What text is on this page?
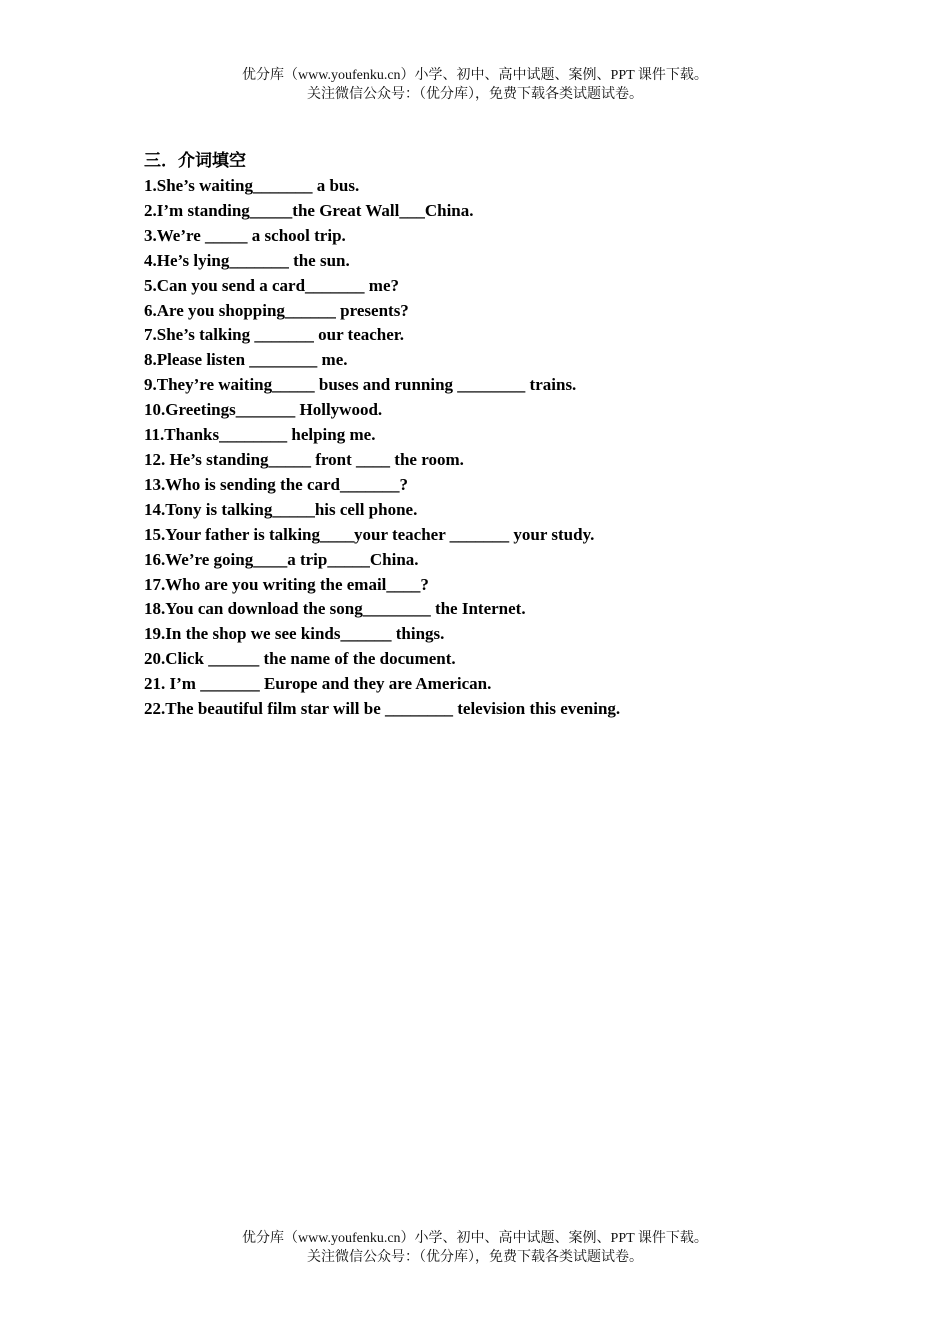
优分库（www.youfenku.cn）小学、初中、高中试题、案例、PPT 课件下载。
关注微信公众号：（优分库），免费下载各类试题试卷。
三．介词填空
1.She’s waiting_______ a bus.
2.I’m standing_____the Great Wall___China.
3.We’re _____ a school trip.
4.He’s lying_______ the sun.
5.Can you send a card_______ me?
6.Are you shopping______ presents?
7.She’s talking _______ our teacher.
8.Please listen ________ me.
9.They’re waiting_____ buses and running ________ trains.
10.Greetings_______ Hollywood.
11.Thanks________ helping me.
12. He’s standing_____ front ____ the room.
13.Who is sending the card_______?
14.Tony is talking_____his cell phone.
15.Your father is talking____your teacher _______ your study.
16.We’re going____a trip_____China.
17.Who are you writing the email____?
18.You can download the song________ the Internet.
19.In the shop we see kinds______ things.
20.Click ______ the name of the document.
21. I’m _______ Europe and they are American.
22.The beautiful film star will be ________ television this evening.
优分库（www.youfenku.cn）小学、初中、高中试题、案例、PPT 课件下载。
关注微信公众号：（优分库），免费下载各类试题试卷。
